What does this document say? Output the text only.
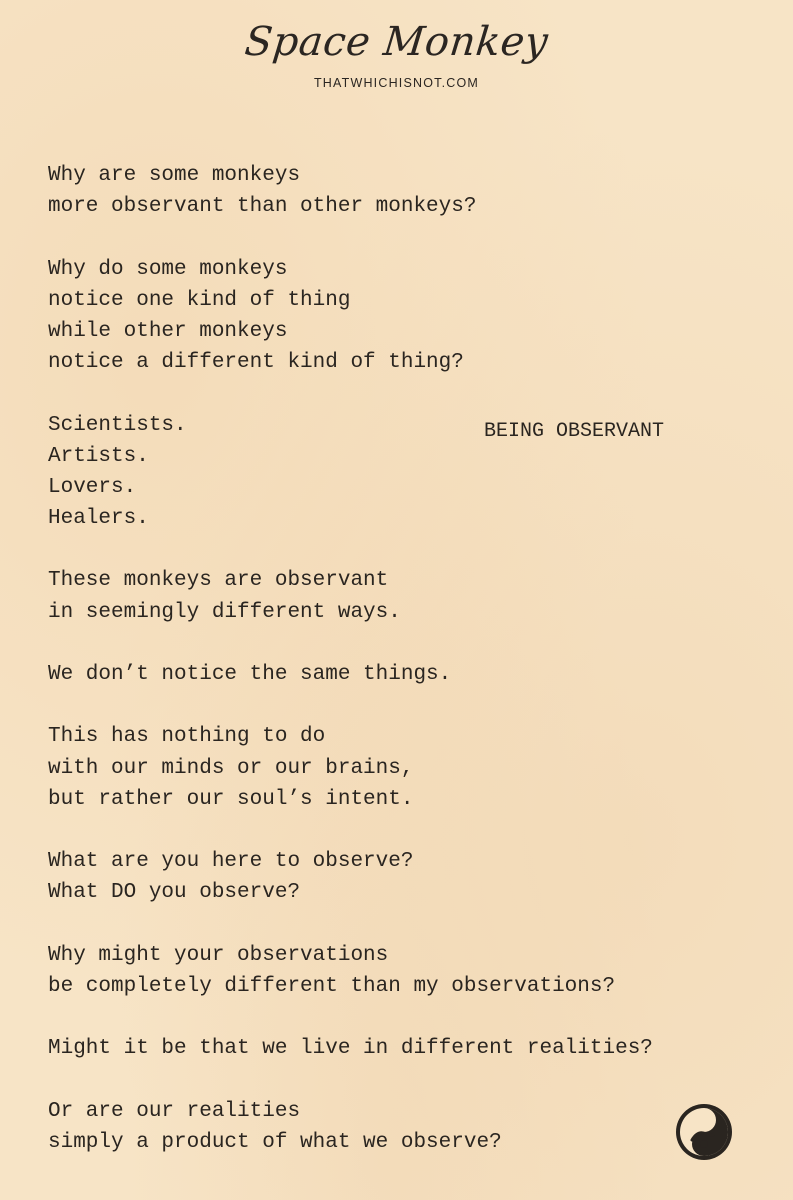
Space Monkey
THATWHICHISNOT.COM
BEING OBSERVANT
Why are some monkeys
more observant than other monkeys?
Why do some monkeys
notice one kind of thing
while other monkeys
notice a different kind of thing?
Scientists.
Artists.
Lovers.
Healers.
These monkeys are observant
in seemingly different ways.
We don’t notice the same things.
This has nothing to do
with our minds or our brains,
but rather our soul’s intent.
What are you here to observe?
What DO you observe?
Why might your observations
be completely different than my observations?
Might it be that we live in different realities?
Or are our realities
simply a product of what we observe?
